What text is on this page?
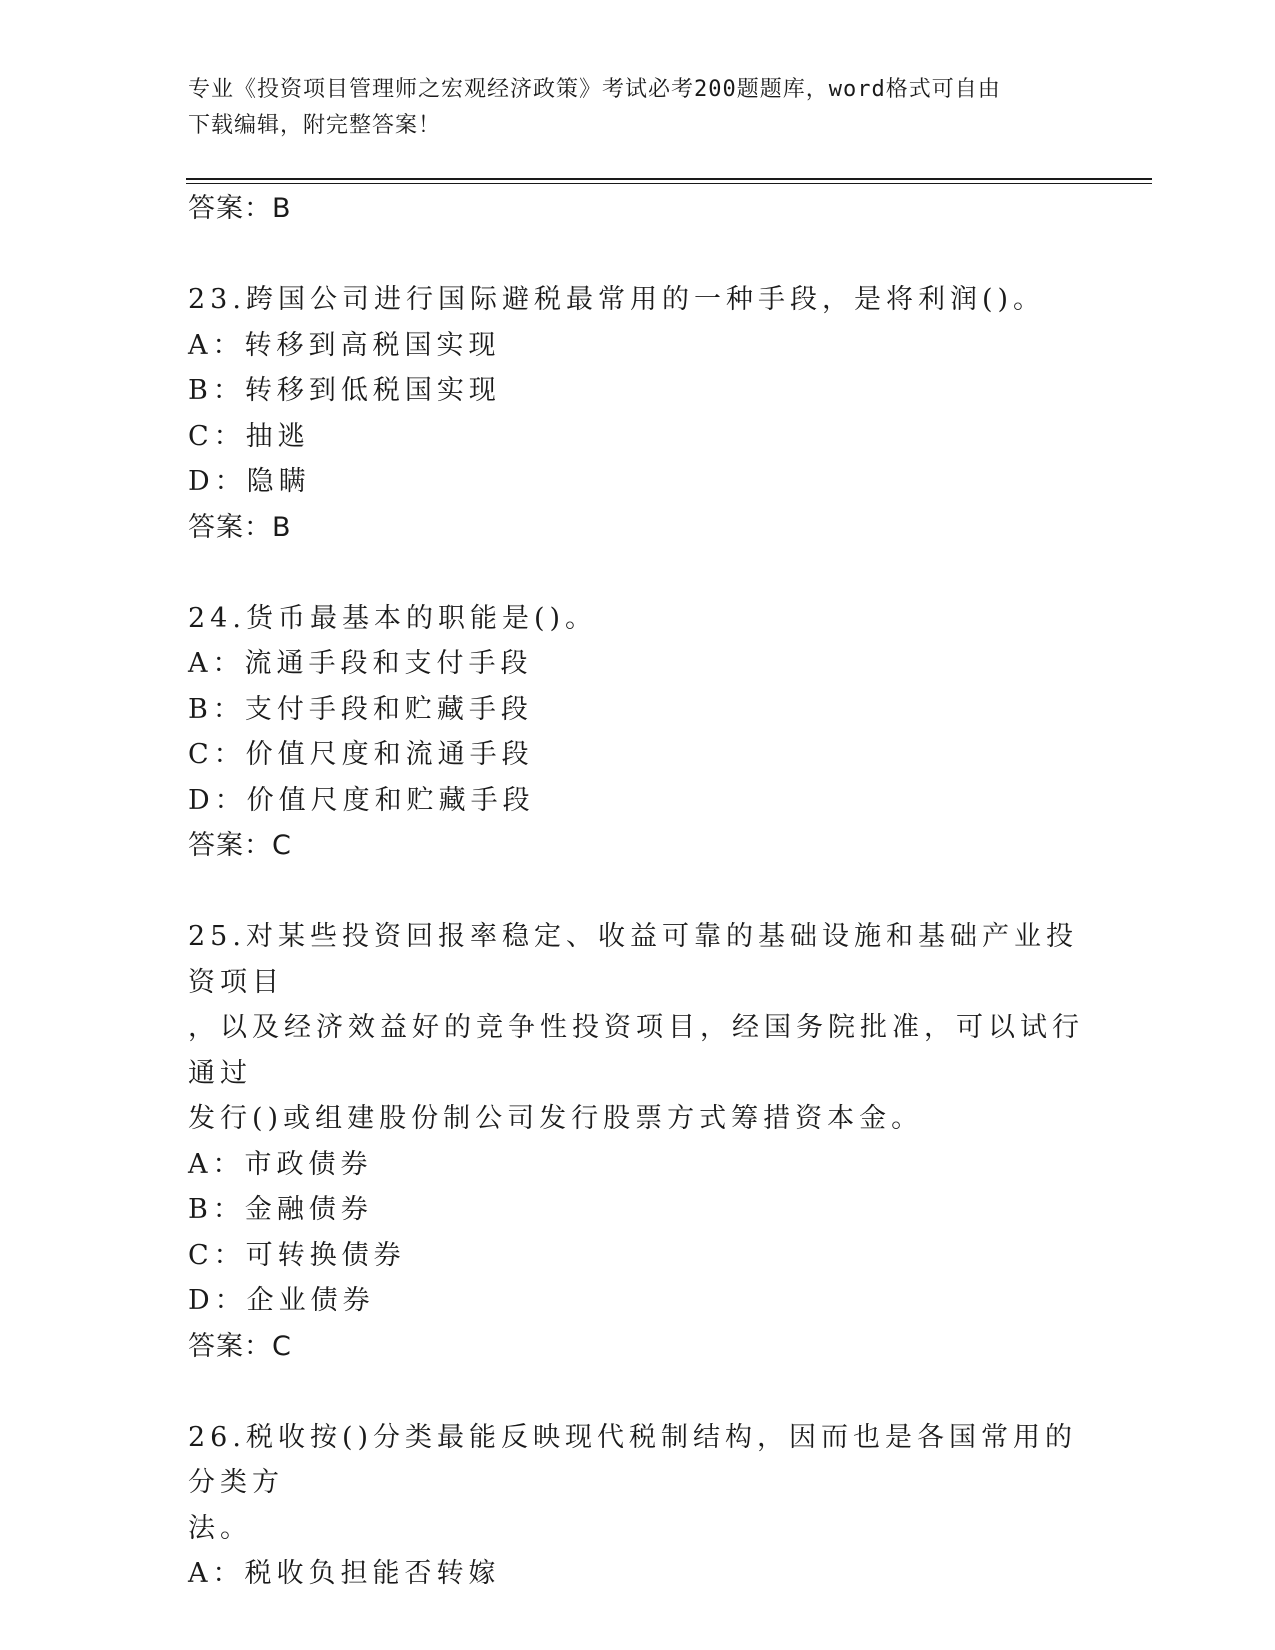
专业《投资项目管理师之宏观经济政策》考试必考200题题库，word格式可自由
下载编辑，附完整答案！

答案：B

23.跨国公司进行国际避税最常用的一种手段，是将利润()。

A：转移到高税国实现

B：转移到低税国实现

C：抽逃

D：隐瞒

答案：B

24.货币最基本的职能是()。

A：流通手段和支付手段

B：支付手段和贮藏手段

C：价值尺度和流通手段

D：价值尺度和贮藏手段

答案：C

25.对某些投资回报率稳定、收益可靠的基础设施和基础产业投资项目

，以及经济效益好的竞争性投资项目，经国务院批准，可以试行通过

发行()或组建股份制公司发行股票方式筹措资本金。

A：市政债券

B：金融债券

C：可转换债券

D：企业债券

答案：C

26.税收按()分类最能反映现代税制结构，因而也是各国常用的分类方

法。

A：税收负担能否转嫁
